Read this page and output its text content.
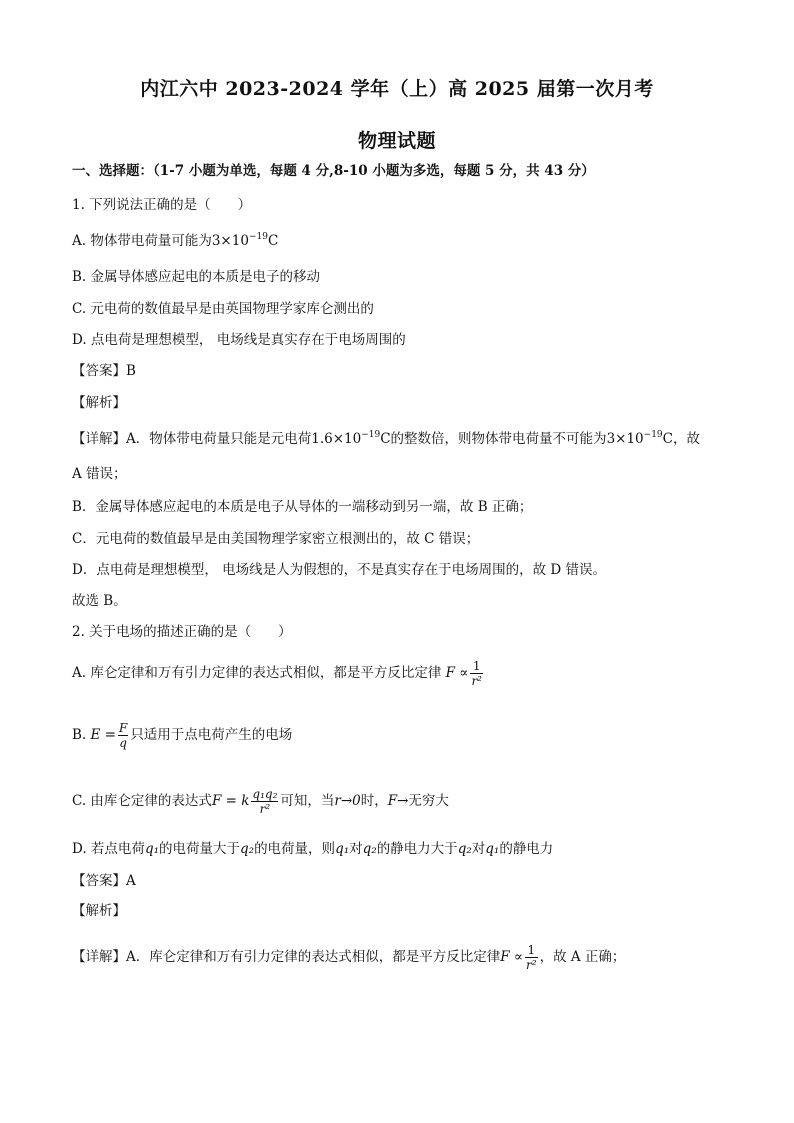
内江六中 2023-2024 学年（上）高 2025 届第一次月考
物理试题
一、选择题：（1-7 小题为单选，每题 4 分,8-10 小题为多选，每题 5 分，共 43 分）
1. 下列说法正确的是（　　）
A. 物体带电荷量可能为$3\times 10^{-19}C$
B. 金属导体感应起电的本质是电子的移动
C. 元电荷的数值最早是由英国物理学家库仑测出的
D. 点电荷是理想模型， 电场线是真实存在于电场周围的
【答案】B
【解析】
【详解】A．物体带电荷量只能是元电荷$1.6\times 10^{-19}C$的整数倍，则物体带电荷量不可能为$3\times 10^{-19}C$，故
A 错误；
B．金属导体感应起电的本质是电子从导体的一端移动到另一端，故 B 正确；
C．元电荷的数值最早是由美国物理学家密立根测出的，故 C 错误；
D．点电荷是理想模型， 电场线是人为假想的，不是真实存在于电场周围的，故 D 错误。
故选 B。
2. 关于电场的描述正确的是（　　）
A. 库仑定律和万有引力定律的表达式相似，都是平方反比定律 $F \propto \frac{1}{\text{r²}}$
B. $E = \frac{F}{q}$ 只适用于点电荷产生的电场
C. 由库仑定律的表达式F = k $\frac{\text{q₁q₂}}{\text{r²}}$ 可知，当r→0时，F→无穷大
D. 若点电荷q₁的电荷量大于q₂的电荷量，则q₁对q₂的静电力大于q₂对q₁的静电力
【答案】A
【解析】
【详解】A．库仑定律和万有引力定律的表达式相似，都是平方反比定律$F \propto \frac{1}{\text{r²}}$ ，故 A 正确；
